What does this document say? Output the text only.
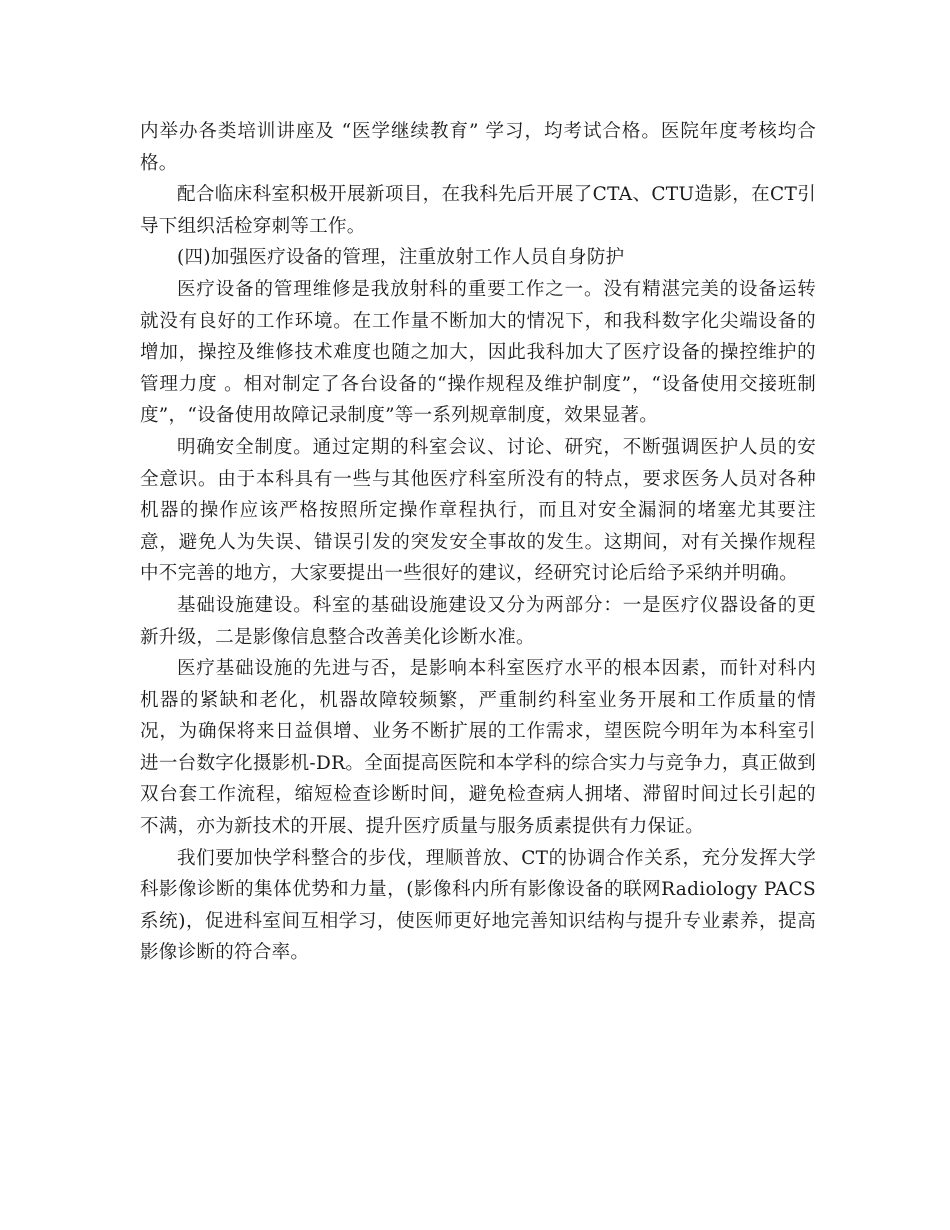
内举办各类培训讲座及 “医学继续教育” 学习，均考试合格。医院年度考核均合格。

配合临床科室积极开展新项目，在我科先后开展了CTA、CTU造影，在CT引导下组织活检穿刺等工作。

(四)加强医疗设备的管理，注重放射工作人员自身防护

医疗设备的管理维修是我放射科的重要工作之一。没有精湛完美的设备运转就没有良好的工作环境。在工作量不断加大的情况下，和我科数字化尖端设备的增加，操控及维修技术难度也随之加大，因此我科加大了医疗设备的操控维护的管理力度 。相对制定了各台设备的“操作规程及维护制度”，“设备使用交接班制度”，“设备使用故障记录制度”等一系列规章制度，效果显著。

明确安全制度。通过定期的科室会议、讨论、研究，不断强调医护人员的安全意识。由于本科具有一些与其他医疗科室所没有的特点，要求医务人员对各种机器的操作应该严格按照所定操作章程执行，而且对安全漏洞的堵塞尤其要注意，避免人为失误、错误引发的突发安全事故的发生。这期间，对有关操作规程中不完善的地方，大家要提出一些很好的建议，经研究讨论后给予采纳并明确。

基础设施建设。科室的基础设施建设又分为两部分：一是医疗仪器设备的更新升级，二是影像信息整合改善美化诊断水准。

医疗基础设施的先进与否，是影响本科室医疗水平的根本因素，而针对科内机器的紧缺和老化，机器故障较频繁，严重制约科室业务开展和工作质量的情况，为确保将来日益俱增、业务不断扩展的工作需求，望医院今明年为本科室引进一台数字化摄影机-DR。全面提高医院和本学科的综合实力与竞争力，真正做到双台套工作流程，缩短检查诊断时间，避免检查病人拥堵、滞留时间过长引起的不满，亦为新技术的开展、提升医疗质量与服务质素提供有力保证。

我们要加快学科整合的步伐，理顺普放、CT的协调合作关系，充分发挥大学科影像诊断的集体优势和力量，(影像科内所有影像设备的联网Radiology PACS系统)，促进科室间互相学习，使医师更好地完善知识结构与提升专业素养，提高影像诊断的符合率。
